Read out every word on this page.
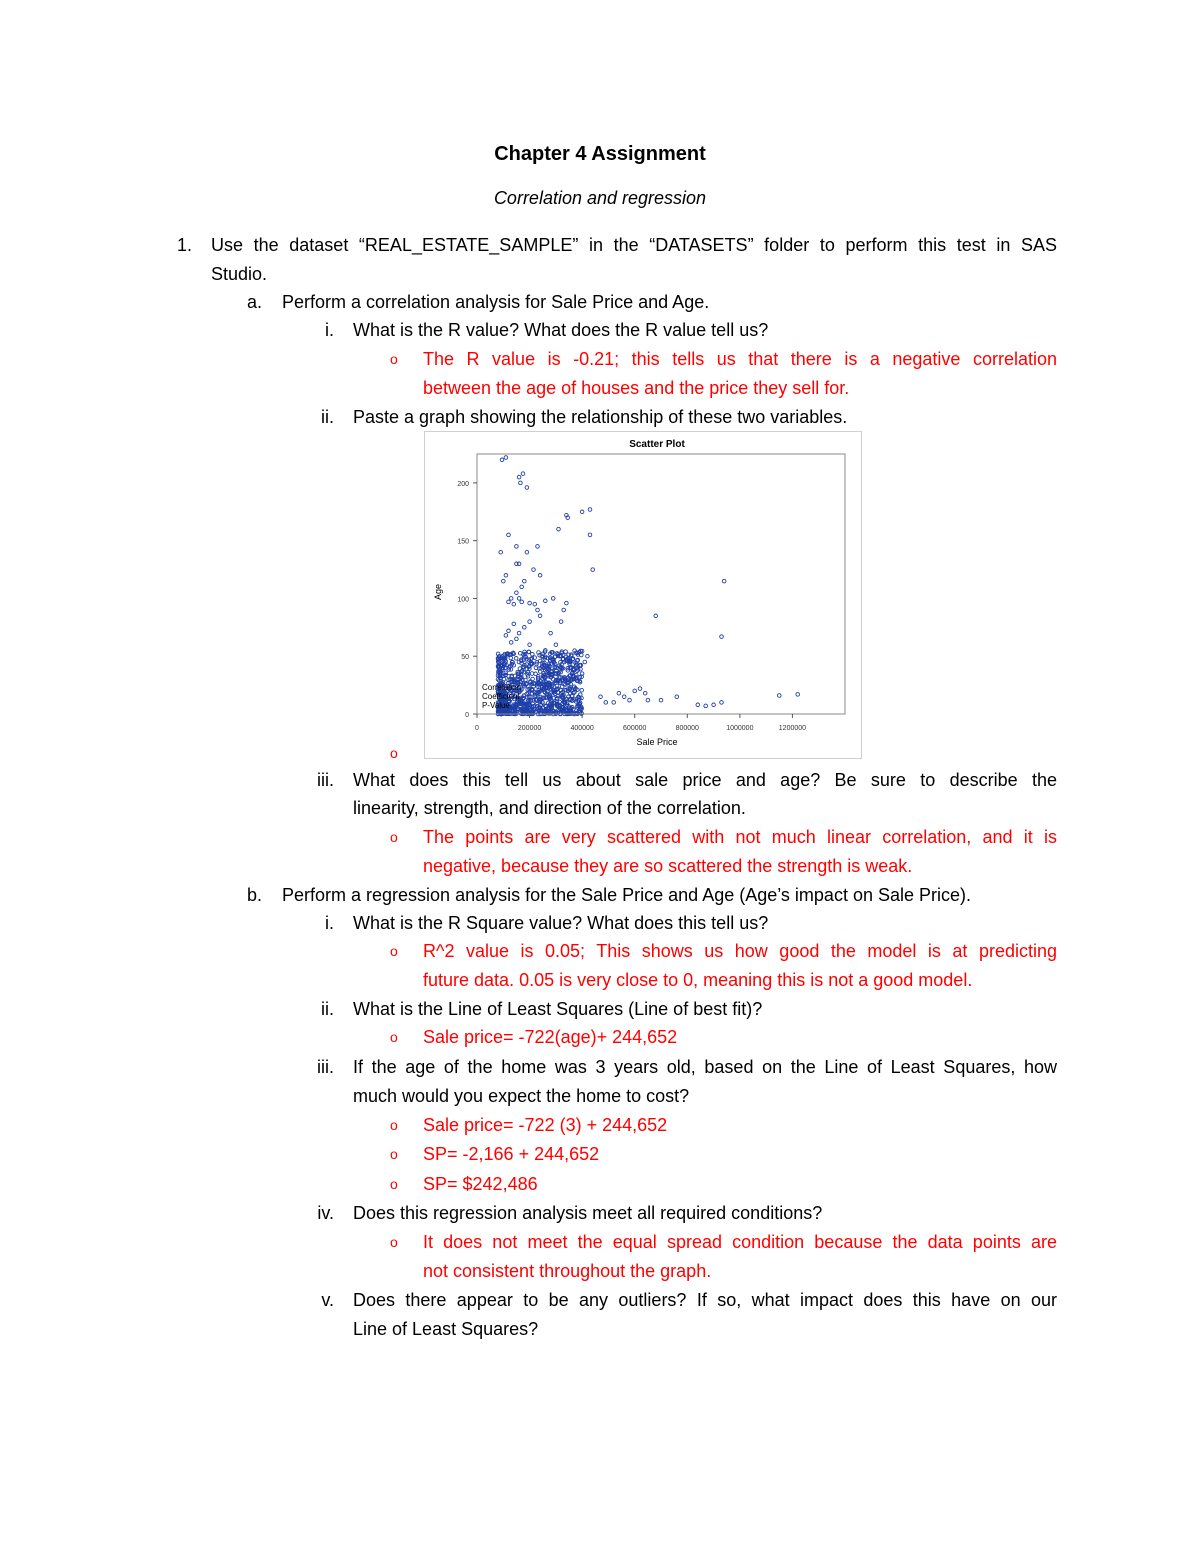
Chapter 4 Assignment
Correlation and regression
1. Use the dataset “REAL_ESTATE_SAMPLE” in the “DATASETS” folder to perform this test in SAS
Studio.
a. Perform a correlation analysis for Sale Price and Age.
i. What is the R value? What does the R value tell us?
o The R value is -0.21; this tells us that there is a negative correlation
between the age of houses and the price they sell for.
ii. Paste a graph showing the relationship of these two variables.
Scatter Plot
Age
Sale Price
0	200000	400000	600000	800000	1000000	1200000
0
50
100
150
200
Correlation
Coefficient
P-Value
o
iii. What does this tell us about sale price and age? Be sure to describe the
linearity, strength, and direction of the correlation.
o The points are very scattered with not much linear correlation, and it is
negative, because they are so scattered the strength is weak.
b. Perform a regression analysis for the Sale Price and Age (Age’s impact on Sale Price).
i. What is the R Square value? What does this tell us?
o R^2 value is 0.05; This shows us how good the model is at predicting
future data. 0.05 is very close to 0, meaning this is not a good model.
ii. What is the Line of Least Squares (Line of best fit)?
o Sale price= -722(age)+ 244,652
iii. If the age of the home was 3 years old, based on the Line of Least Squares, how
much would you expect the home to cost?
o Sale price= -722 (3) + 244,652
o SP= -2,166 + 244,652
o SP= $242,486
iv. Does this regression analysis meet all required conditions?
o It does not meet the equal spread condition because the data points are
not consistent throughout the graph.
v. Does there appear to be any outliers? If so, what impact does this have on our
Line of Least Squares?
